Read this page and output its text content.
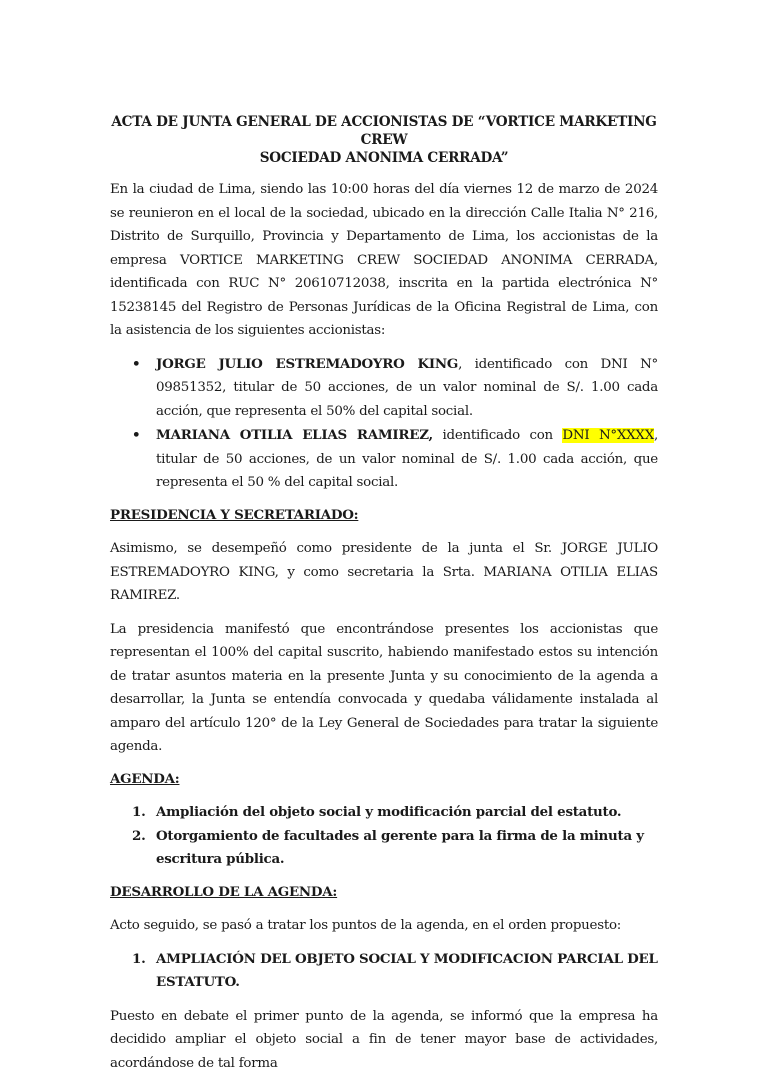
ACTA DE JUNTA GENERAL DE ACCIONISTAS DE “VORTICE MARKETING CREW
SOCIEDAD ANONIMA CERRADA”

En la ciudad de Lima, siendo las 10:00 horas del día viernes 12 de marzo de 2024 se reunieron en el local de la sociedad, ubicado en la dirección Calle Italia N° 216, Distrito de Surquillo, Provincia y Departamento de Lima, los accionistas de la empresa VORTICE MARKETING CREW SOCIEDAD ANONIMA CERRADA, identificada con RUC N° 20610712038, inscrita en la partida electrónica N° 15238145 del Registro de Personas Jurídicas de la Oficina Registral de Lima, con la asistencia de los siguientes accionistas:

• JORGE JULIO ESTREMADOYRO KING, identificado con DNI N° 09851352, titular de 50 acciones, de un valor nominal de S/. 1.00 cada acción, que representa el 50% del capital social.
• MARIANA OTILIA ELIAS RAMIREZ, identificado con DNI N°XXXX, titular de 50 acciones, de un valor nominal de S/. 1.00 cada acción, que representa el 50 % del capital social.

PRESIDENCIA Y SECRETARIADO:

Asimismo, se desempeñó como presidente de la junta el Sr. JORGE JULIO ESTREMADOYRO KING, y como secretaria la Srta. MARIANA OTILIA ELIAS RAMIREZ.

La presidencia manifestó que encontrándose presentes los accionistas que representan el 100% del capital suscrito, habiendo manifestado estos su intención de tratar asuntos materia en la presente Junta y su conocimiento de la agenda a desarrollar, la Junta se entendía convocada y quedaba válidamente instalada al amparo del artículo 120° de la Ley General de Sociedades para tratar la siguiente agenda.

AGENDA:

1. Ampliación del objeto social y modificación parcial del estatuto.
2. Otorgamiento de facultades al gerente para la firma de la minuta y escritura pública.

DESARROLLO DE LA AGENDA:

Acto seguido, se pasó a tratar los puntos de la agenda, en el orden propuesto:

1. AMPLIACIÓN DEL OBJETO SOCIAL Y MODIFICACION PARCIAL DEL ESTATUTO.

Puesto en debate el primer punto de la agenda, se informó que la empresa ha decidido ampliar el objeto social a fin de tener mayor base de actividades, acordándose de tal forma
